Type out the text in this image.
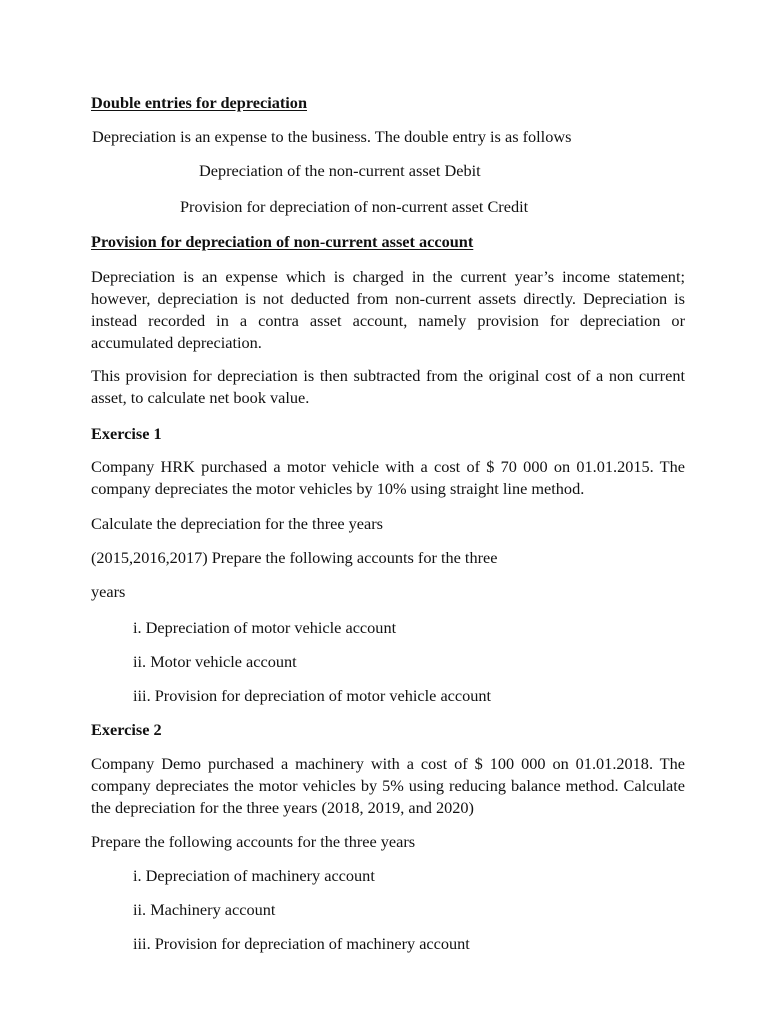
Double entries for depreciation

Depreciation is an expense to the business. The double entry is as follows

Depreciation of the non-current asset Debit

Provision for depreciation of non-current asset Credit

Provision for depreciation of non-current asset account

Depreciation is an expense which is charged in the current year’s income statement; however, depreciation is not deducted from non-current assets directly. Depreciation is instead recorded in a contra asset account, namely provision for depreciation or accumulated depreciation.

This provision for depreciation is then subtracted from the original cost of a non current asset, to calculate net book value.

Exercise 1

Company HRK purchased a motor vehicle with a cost of $ 70 000 on 01.01.2015. The company depreciates the motor vehicles by 10% using straight line method.

Calculate the depreciation for the three years

(2015,2016,2017) Prepare the following accounts for the three

years

i. Depreciation of motor vehicle account

ii. Motor vehicle account

iii. Provision for depreciation of motor vehicle account

Exercise 2

Company Demo purchased a machinery with a cost of $ 100 000 on 01.01.2018. The company depreciates the motor vehicles by 5% using reducing balance method. Calculate the depreciation for the three years (2018, 2019, and 2020)

Prepare the following accounts for the three years

i. Depreciation of machinery account

ii. Machinery account

iii. Provision for depreciation of machinery account
